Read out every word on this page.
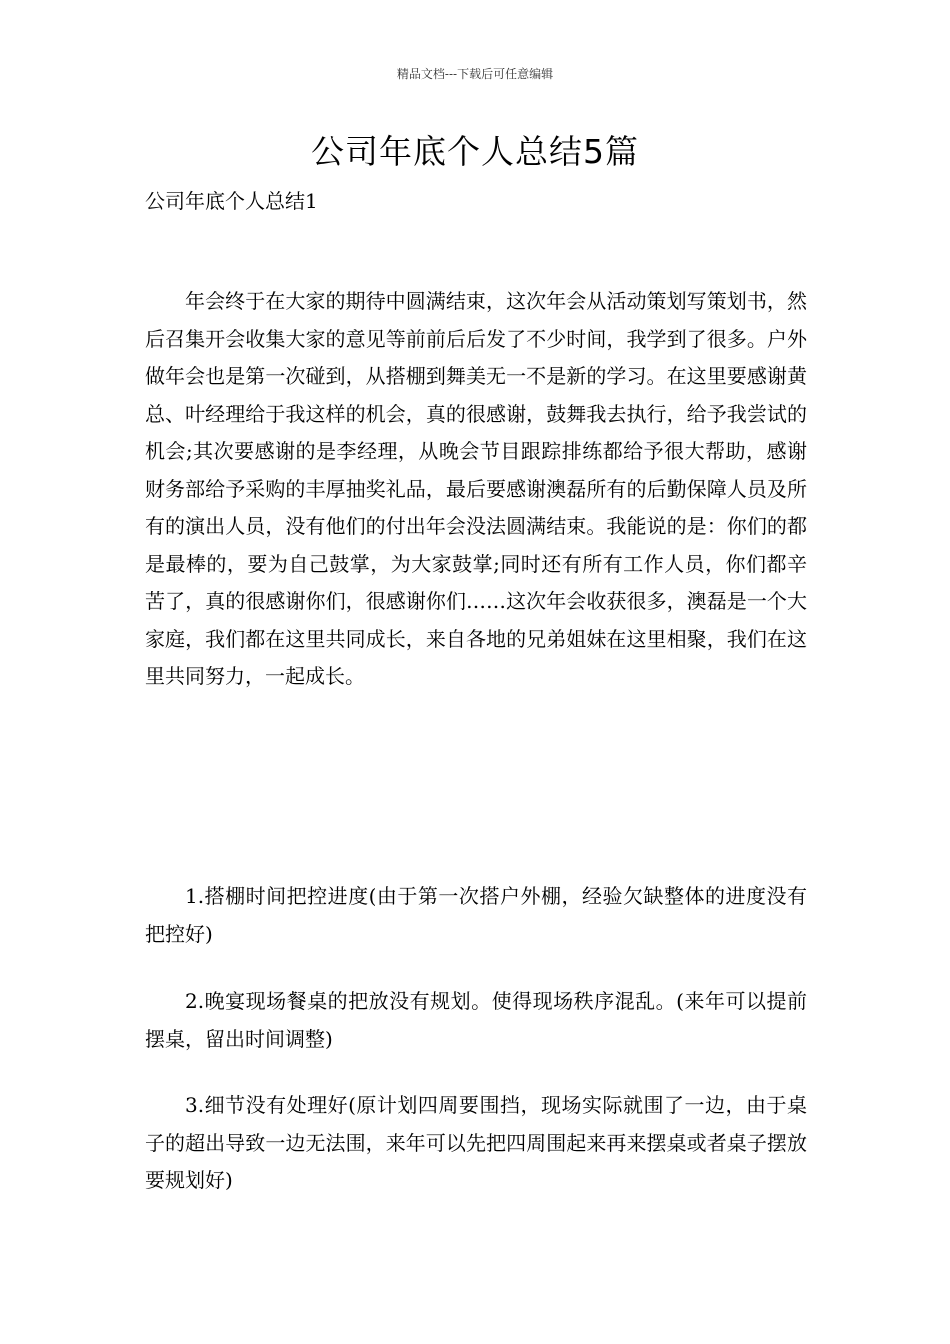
精品文档---下载后可任意编辑
公司年底个人总结5篇

公司年底个人总结1

年会终于在大家的期待中圆满结束，这次年会从活动策划写策划书，然后召集开会收集大家的意见等前前后后发了不少时间，我学到了很多。户外做年会也是第一次碰到，从搭棚到舞美无一不是新的学习。在这里要感谢黄总、叶经理给于我这样的机会，真的很感谢，鼓舞我去执行，给予我尝试的机会;其次要感谢的是李经理，从晚会节目跟踪排练都给予很大帮助，感谢财务部给予采购的丰厚抽奖礼品，最后要感谢澳磊所有的后勤保障人员及所有的演出人员，没有他们的付出年会没法圆满结束。我能说的是：你们的都是最棒的，要为自己鼓掌，为大家鼓掌;同时还有所有工作人员，你们都辛苦了，真的很感谢你们，很感谢你们……这次年会收获很多，澳磊是一个大家庭，我们都在这里共同成长，来自各地的兄弟姐妹在这里相聚，我们在这里共同努力，一起成长。

1.搭棚时间把控进度(由于第一次搭户外棚，经验欠缺整体的进度没有把控好)

2.晚宴现场餐桌的把放没有规划。使得现场秩序混乱。(来年可以提前摆桌，留出时间调整)

3.细节没有处理好(原计划四周要围挡，现场实际就围了一边，由于桌子的超出导致一边无法围，来年可以先把四周围起来再来摆桌或者桌子摆放要规划好)
